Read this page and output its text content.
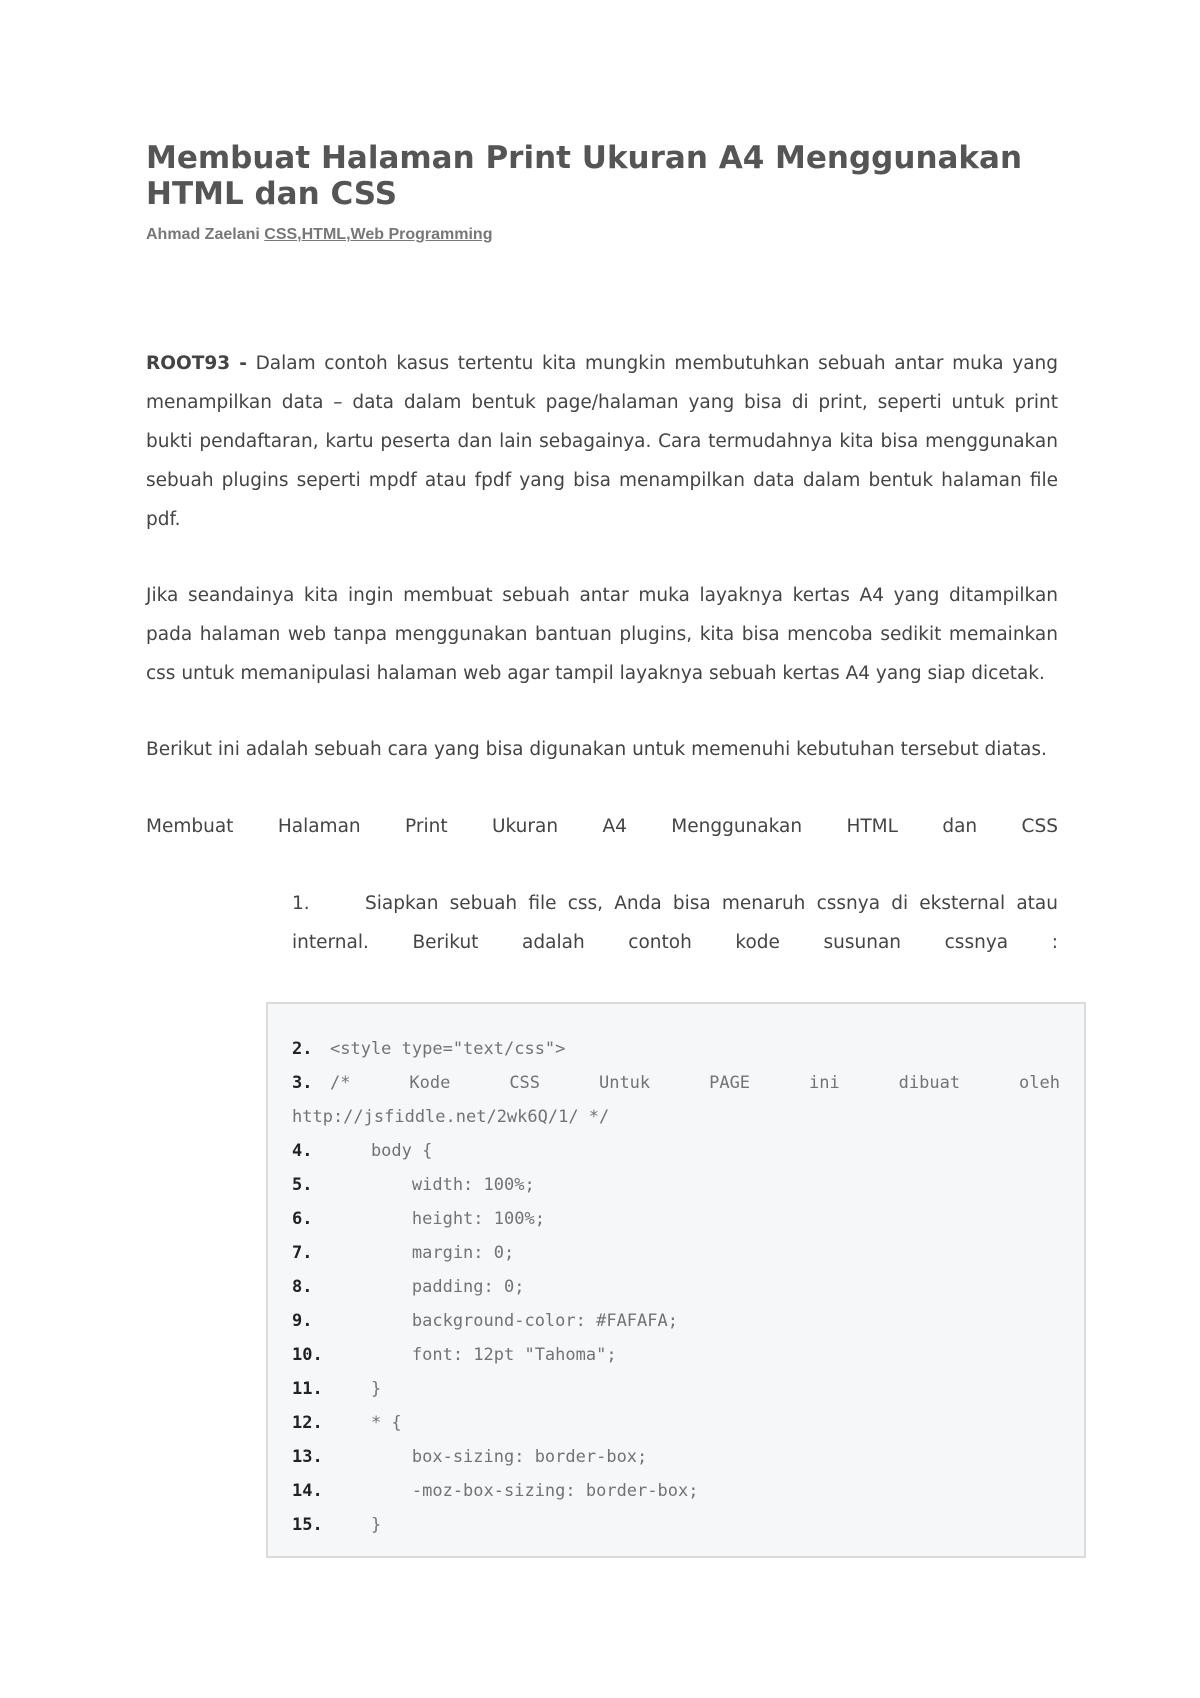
Membuat Halaman Print Ukuran A4 Menggunakan HTML dan CSS
Ahmad Zaelani CSS,HTML,Web Programming

ROOT93 - Dalam contoh kasus tertentu kita mungkin membutuhkan sebuah antar muka yang menampilkan data – data dalam bentuk page/halaman yang bisa di print, seperti untuk print bukti pendaftaran, kartu peserta dan lain sebagainya. Cara termudahnya kita bisa menggunakan sebuah plugins seperti mpdf atau fpdf yang bisa menampilkan data dalam bentuk halaman file pdf.

Jika seandainya kita ingin membuat sebuah antar muka layaknya kertas A4 yang ditampilkan pada halaman web tanpa menggunakan bantuan plugins, kita bisa mencoba sedikit memainkan css untuk memanipulasi halaman web agar tampil layaknya sebuah kertas A4 yang siap dicetak.

Berikut ini adalah sebuah cara yang bisa digunakan untuk memenuhi kebutuhan tersebut diatas.

Membuat Halaman Print Ukuran A4 Menggunakan HTML dan CSS
1.	Siapkan sebuah file css, Anda bisa menaruh cssnya di eksternal atau
internal. Berikut adalah contoh kode susunan cssnya :
2. <style type="text/css">
3. /*	Kode	CSS	Untuk	PAGE	ini	dibuat	oleh
http://jsfiddle.net/2wk6Q/1/ */
4.    body {
5.        width: 100%;
6.        height: 100%;
7.        margin: 0;
8.        padding: 0;
9.        background-color: #FAFAFA;
10.        font: 12pt "Tahoma";
11.    }
12.    * {
13.        box-sizing: border-box;
14.        -moz-box-sizing: border-box;
15.    }
